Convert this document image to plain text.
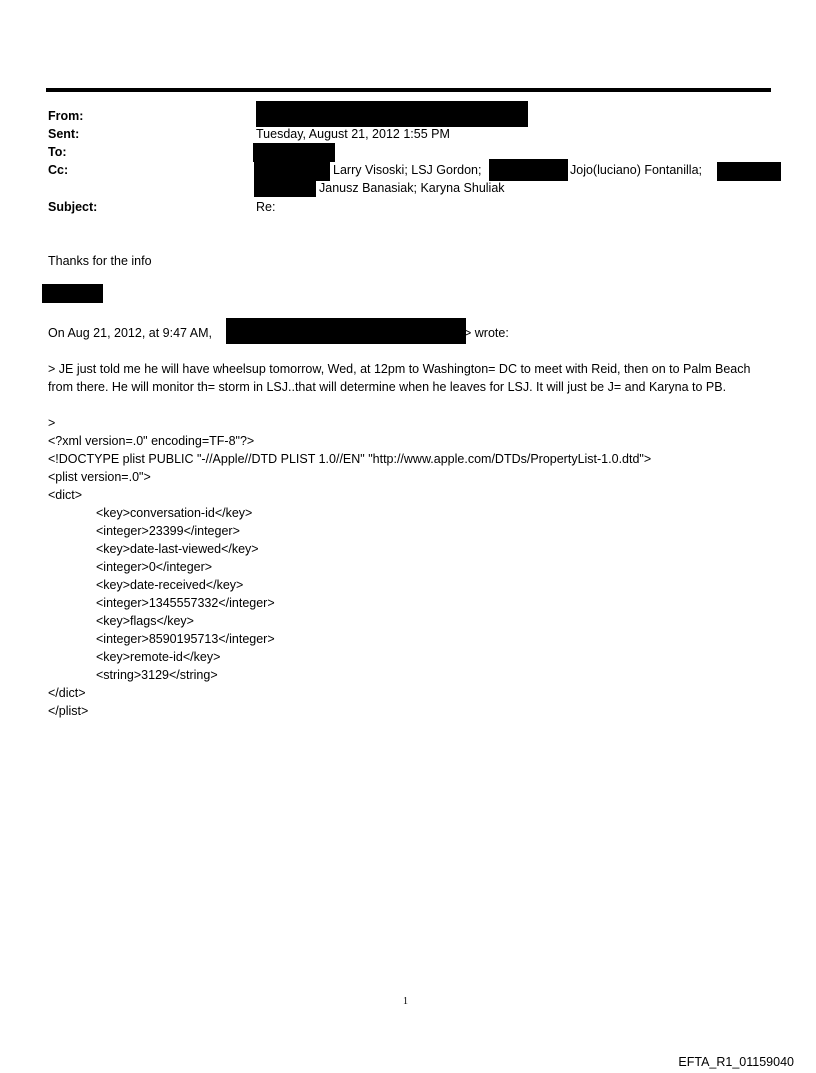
From:
Sent:
To:
Cc:
Subject:
Tuesday, August 21, 2012 1:55 PM
Larry Visoski; LSJ Gordon;	Jojo(luciano) Fontanilla;
Janusz Banasiak; Karyna Shuliak
Re:
Thanks for the info
On Aug 21, 2012, at 9:47 AM,	> wrote:
> JE just told me he will have wheelsup tomorrow, Wed, at 12pm to Washington= DC to meet with Reid, then on to Palm Beach from there. He will monitor th= storm in LSJ..that will determine when he leaves for LSJ. It will just be J= and Karyna to PB.
>
<?xml version=.0" encoding=TF-8"?>
<!DOCTYPE plist PUBLIC "-//Apple//DTD PLIST 1.0//EN" "http://www.apple.com/DTDs/PropertyList-1.0.dtd">
<plist version=.0">
<dict>
<key>conversation-id</key>
<integer>23399</integer>
<key>date-last-viewed</key>
<integer>0</integer>
<key>date-received</key>
<integer>1345557332</integer>
<key>flags</key>
<integer>8590195713</integer>
<key>remote-id</key>
<string>3129</string>
</dict>
</plist>
1
EFTA_R1_01159040
